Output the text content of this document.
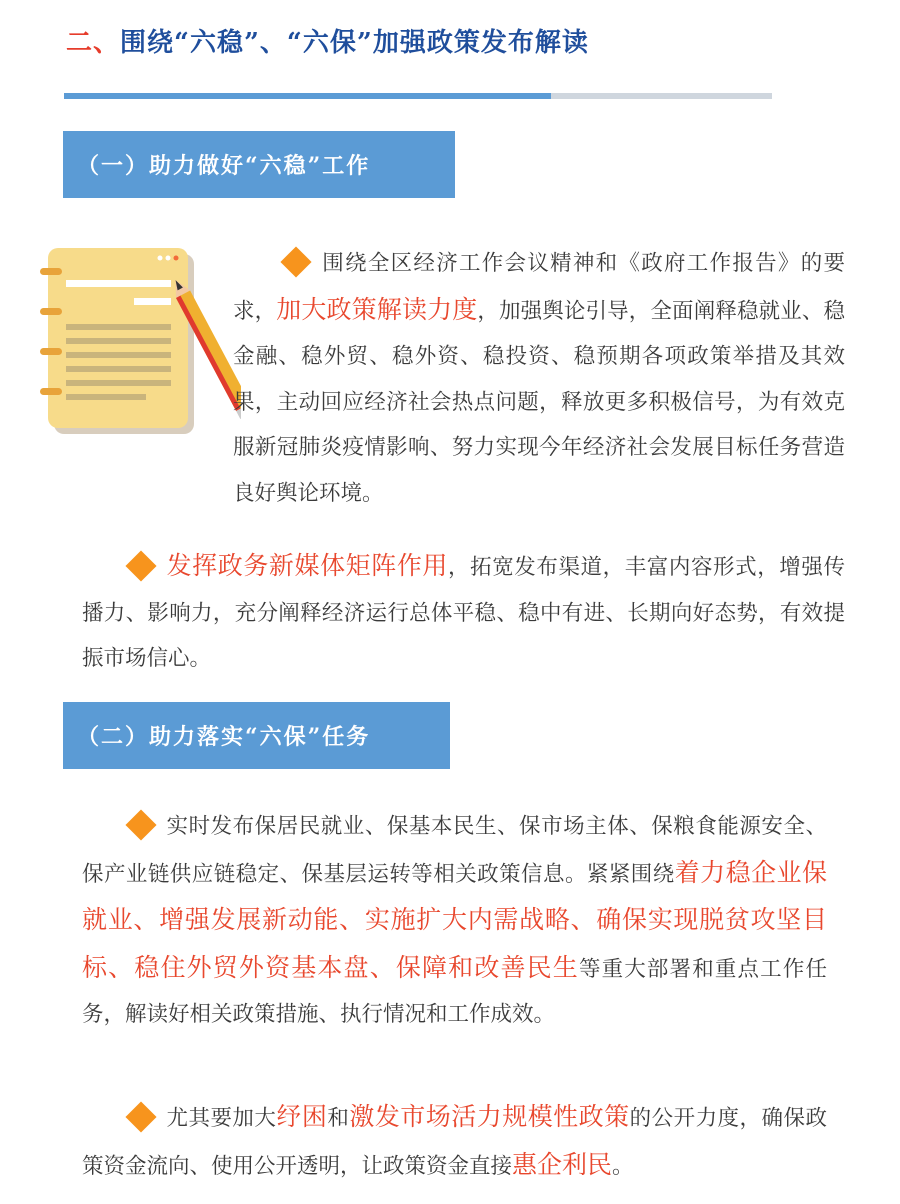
二、围绕“六稳”、“六保”加强政策发布解读
（一）助力做好“六稳”工作

围绕全区经济工作会议精神和《政府工作报告》的要求，加大政策解读力度，加强舆论引导，全面阐释稳就业、稳金融、稳外贸、稳外资、稳投资、稳预期各项政策举措及其效果，主动回应经济社会热点问题，释放更多积极信号，为有效克服新冠肺炎疫情影响、努力实现今年经济社会发展目标任务营造良好舆论环境。

发挥政务新媒体矩阵作用，拓宽发布渠道，丰富内容形式，增强传播力、影响力，充分阐释经济运行总体平稳、稳中有进、长期向好态势，有效提振市场信心。

（二）助力落实“六保”任务

实时发布保居民就业、保基本民生、保市场主体、保粮食能源安全、保产业链供应链稳定、保基层运转等相关政策信息。紧紧围绕着力稳企业保就业、增强发展新动能、实施扩大内需战略、确保实现脱贫攻坚目标、稳住外贸外资基本盘、保障和改善民生等重大部署和重点工作任务，解读好相关政策措施、执行情况和工作成效。

尤其要加大纾困和激发市场活力规模性政策的公开力度，确保政策资金流向、使用公开透明，让政策资金直接惠企利民。
